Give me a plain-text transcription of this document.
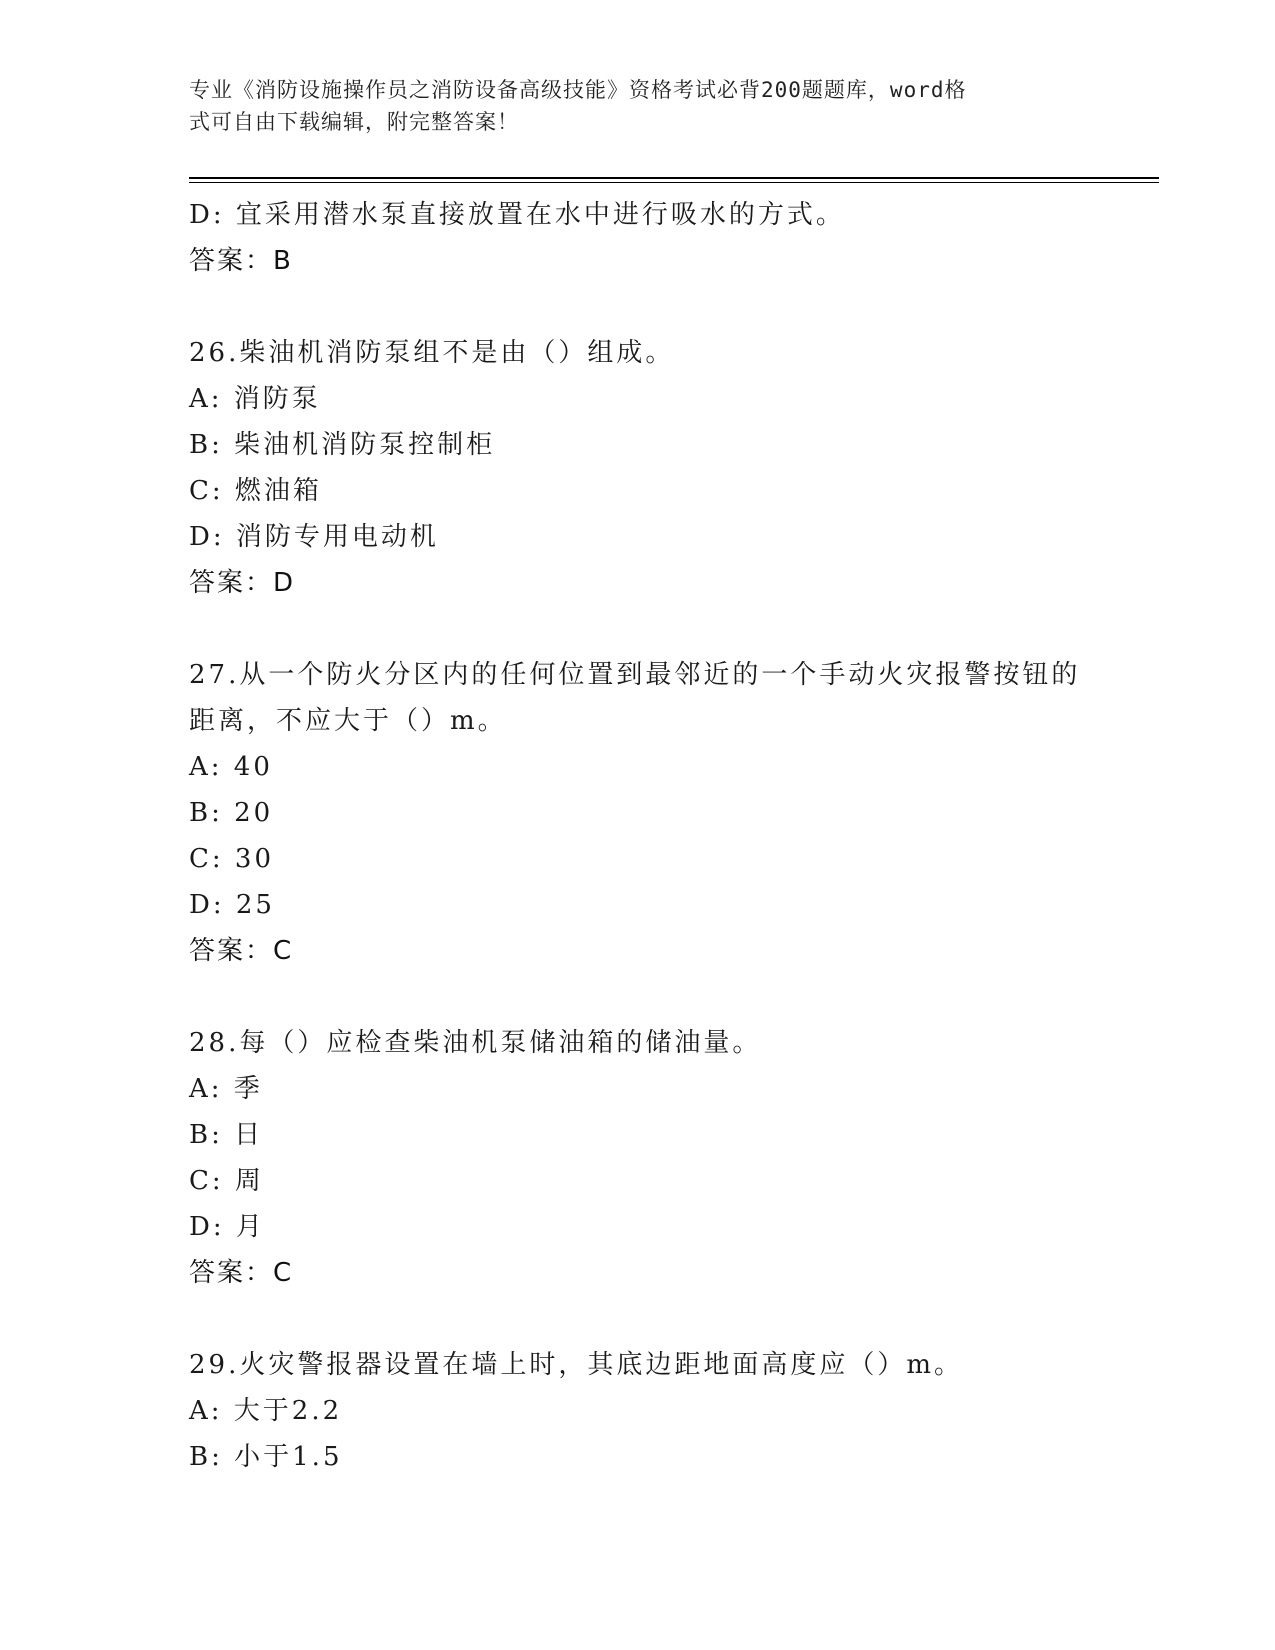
专业《消防设施操作员之消防设备高级技能》资格考试必背200题题库，word格
式可自由下载编辑，附完整答案！
D: 宜采用潜水泵直接放置在水中进行吸水的方式。
答案：B
26.柴油机消防泵组不是由（）组成。
A: 消防泵
B: 柴油机消防泵控制柜
C: 燃油箱
D: 消防专用电动机
答案：D
27.从一个防火分区内的任何位置到最邻近的一个手动火灾报警按钮的
距离，不应大于（）m。
A: 40
B: 20
C: 30
D: 25
答案：C
28.每（）应检查柴油机泵储油箱的储油量。
A: 季
B: 日
C: 周
D: 月
答案：C
29.火灾警报器设置在墙上时，其底边距地面高度应（）m。
A: 大于2.2
B: 小于1.5
